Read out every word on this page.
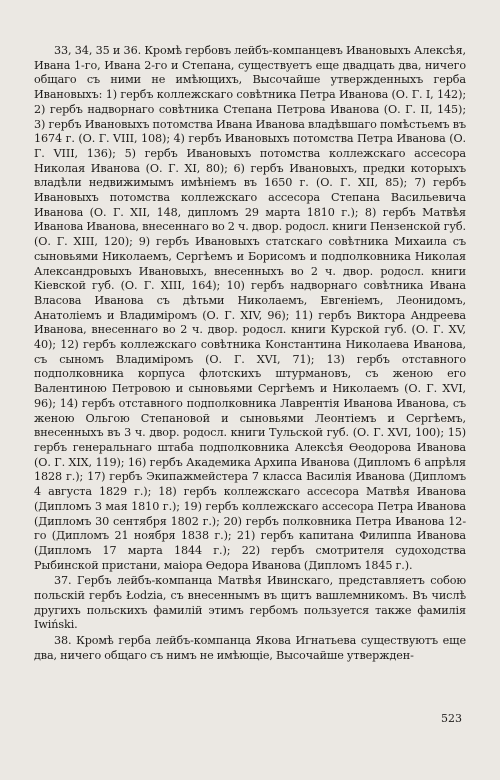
33, 34, 35 и 36. Кромѣ гербовъ лейбъ-компанцевъ Ивановыхъ Алексѣя, Ивана 1-го, Ивана 2-го и Степана, существуетъ еще двадцать два, ничего общаго съ ними не имѣющихъ, Высочайше утвержденныхъ герба Ивановыхъ: 1) гербъ коллежскаго совѣтника Петра Иванова (О. Г. I, 142); 2) гербъ надворнаго совѣтника Степана Петрова Иванова (О. Г. II, 145); 3) гербъ Ивановыхъ потомства Ивана Иванова владѣвшаго помѣстьемъ въ 1674 г. (О. Г. VIII, 108); 4) гербъ Ивановыхъ потомства Петра Иванова (О. Г. VIII, 136); 5) гербъ Ивановыхъ потомства коллежскаго ассесора Николая Иванова (О. Г. XI, 80); 6) гербъ Ивановыхъ, предки которыхъ владѣли недвижимымъ имѣніемъ въ 1650 г. (О. Г. XII, 85); 7) гербъ Ивановыхъ потомства коллежскаго ассесора Степана Васильевича Иванова (О. Г. XII, 148, дипломъ 29 марта 1810 г.); 8) гербъ Матвѣя Иванова Иванова, внесеннаго во 2 ч. двор. родосл. книги Пензенской губ. (О. Г. XIII, 120); 9) гербъ Ивановыхъ статскаго совѣтника Михаила съ сыновьями Николаемъ, Сергѣемъ и Борисомъ и подполковника Николая Александровыхъ Ивановыхъ, внесенныхъ во 2 ч. двор. родосл. книги Кіевской губ. (О. Г. XIII, 164); 10) гербъ надворнаго совѣтника Ивана Власова Иванова съ дѣтьми Николаемъ, Евгеніемъ, Леонидомъ, Анатоліемъ и Владиміромъ (О. Г. XIV, 96); 11) гербъ Виктора Андреева Иванова, внесеннаго во 2 ч. двор. родосл. книги Курской губ. (О. Г. XV, 40); 12) гербъ коллежскаго совѣтника Константина Николаева Иванова, съ сыномъ Владиміромъ (О. Г. XVI, 71); 13) гербъ отставного подполковника корпуса флотскихъ штурмановъ, съ женою его Валентиною Петровою и сыновьями Сергѣемъ и Николаемъ (О. Г. XVI, 96); 14) гербъ отставного подполковника Лаврентія Иванова Иванова, съ женою Ольгою Степановой и сыновьями Леонтіемъ и Сергѣемъ, внесенныхъ въ 3 ч. двор. родосл. книги Тульской губ. (О. Г. XVI, 100); 15) гербъ генеральнаго штаба подполковника Алексѣя Ѳеодорова Иванова (О. Г. XIX, 119); 16) гербъ Академика Архипа Иванова (Дипломъ 6 апрѣля 1828 г.); 17) гербъ Экипажмейстера 7 класса Василія Иванова (Дипломъ 4 августа 1829 г.); 18) гербъ коллежскаго ассесора Матвѣя Иванова (Дипломъ 3 мая 1810 г.); 19) гербъ коллежскаго ассесора Петра Иванова (Дипломъ 30 сентября 1802 г.); 20) гербъ полковника Петра Иванова 12-го (Дипломъ 21 ноября 1838 г.); 21) гербъ капитана Филиппа Иванова (Дипломъ 17 марта 1844 г.); 22) гербъ смотрителя судоходства Рыбинской пристани, маіора Ѳедора Иванова (Дипломъ 1845 г.).

37. Гербъ лейбъ-компанца Матвѣя Ивинскаго, представляетъ собою польскій гербъ Łodzia, съ внесеннымъ въ щитъ вашлемникомъ. Въ числѣ другихъ польскихъ фамилій этимъ гербомъ пользуется также фамилія Iwiński.

38. Кромѣ герба лейбъ-компанца Якова Игнатьева существуютъ еще два, ничего общаго съ нимъ не имѣющіе, Высочайше утвержден-

523
